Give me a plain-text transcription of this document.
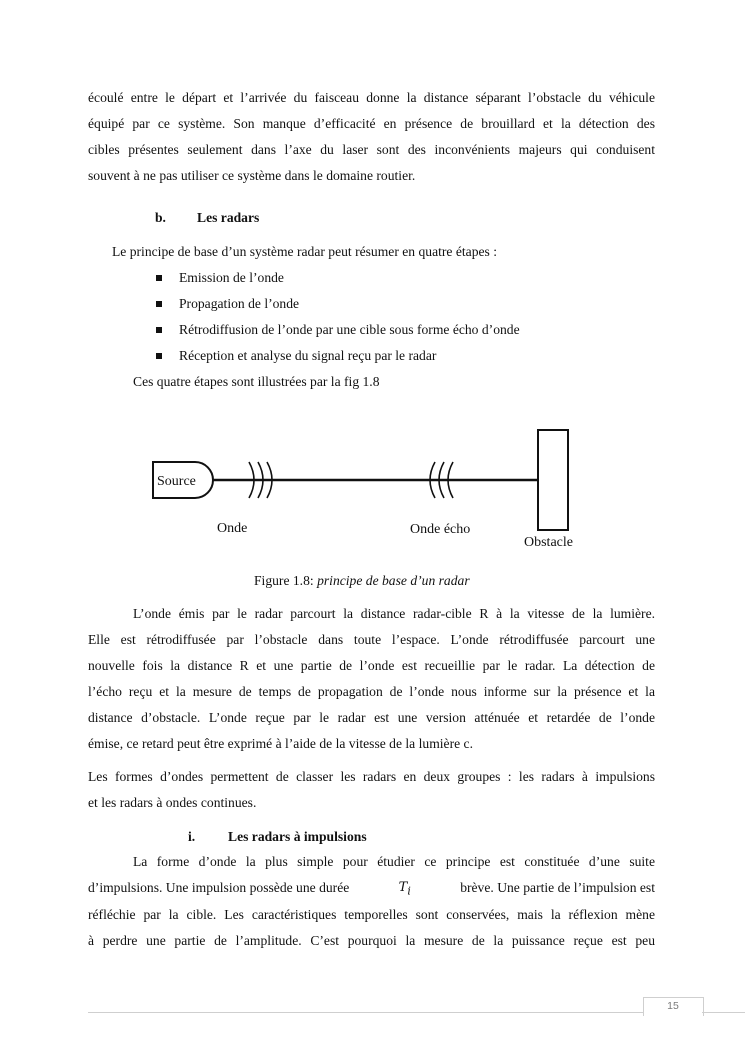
écoulé entre le départ et l’arrivée du faisceau donne la distance séparant l’obstacle du véhicule
équipé par ce système. Son manque d’efficacité en présence de brouillard et la détection des
cibles présentes seulement dans l’axe du laser sont des inconvénients majeurs qui conduisent
souvent à ne pas utiliser ce système dans le domaine routier.
b. Les radars
Le principe de base d’un système radar peut résumer en quatre étapes :
Emission de l’onde
Propagation de l’onde
Rétrodiffusion de l’onde par une cible sous forme écho d’onde
Réception et analyse du signal reçu par le radar
Ces quatre étapes sont illustrées par la fig 1.8
Source
Onde	Onde écho
Obstacle
Figure 1.8: principe de base d’un radar
L’onde émis par le radar parcourt la distance radar-cible R à la vitesse de la lumière.
Elle est rétrodiffusée par l’obstacle dans toute l’espace. L’onde rétrodiffusée parcourt une
nouvelle fois la distance R et une partie de l’onde est recueillie par le radar. La détection de
l’écho reçu et la mesure de temps de propagation de l’onde nous informe sur la présence et la
distance d’obstacle. L’onde reçue par le radar est une version atténuée et retardée de l’onde
émise, ce retard peut être exprimé à l’aide de la vitesse de la lumière c.
Les formes d’ondes permettent de classer les radars en deux groupes : les radars à impulsions
et les radars à ondes continues.
i. Les radars à impulsions
La forme d’onde la plus simple pour étudier ce principe est constituée d’une suite
d’impulsions. Une impulsion possède une durée	$T_i$	brève. Une partie de l’impulsion est
réfléchie par la cible. Les caractéristiques temporelles sont conservées, mais la réflexion mène
à perdre une partie de l’amplitude. C’est pourquoi la mesure de la puissance reçue est peu
15
